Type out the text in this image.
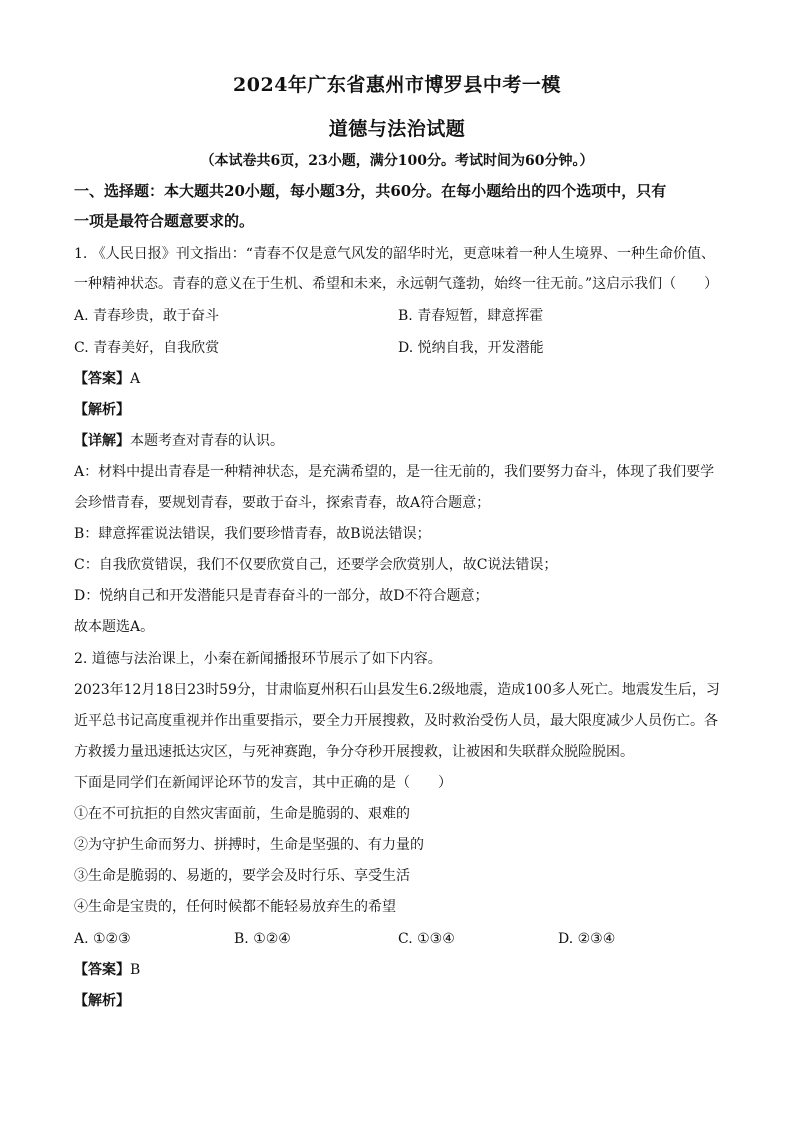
2024年广东省惠州市博罗县中考一模
道德与法治试题
（本试卷共6页，23小题，满分100分。考试时间为60分钟。）
一、选择题：本大题共20小题，每小题3分，共60分。在每小题给出的四个选项中，只有
一项是最符合题意要求的。
1. 《人民日报》刊文指出：“青春不仅是意气风发的韶华时光，更意味着一种人生境界、一种生命价值、
一种精神状态。青春的意义在于生机、希望和未来，永远朝气蓬勃，始终一往无前。”这启示我们（　　）
A. 青春珍贵，敢于奋斗	B. 青春短暂，肆意挥霍
C. 青春美好，自我欣赏	D. 悦纳自我，开发潜能
【答案】A
【解析】
【详解】本题考查对青春的认识。
A：材料中提出青春是一种精神状态，是充满希望的，是一往无前的，我们要努力奋斗，体现了我们要学
会珍惜青春，要规划青春，要敢于奋斗，探索青春，故A符合题意；
B：肆意挥霍说法错误，我们要珍惜青春，故B说法错误；
C：自我欣赏错误，我们不仅要欣赏自己，还要学会欣赏别人，故C说法错误；
D：悦纳自己和开发潜能只是青春奋斗的一部分，故D不符合题意；
故本题选A。
2. 道德与法治课上，小秦在新闻播报环节展示了如下内容。
2023年12月18日23时59分，甘肃临夏州积石山县发生6.2级地震，造成100多人死亡。地震发生后，习
近平总书记高度重视并作出重要指示，要全力开展搜救，及时救治受伤人员，最大限度减少人员伤亡。各
方救援力量迅速抵达灾区，与死神赛跑，争分夺秒开展搜救，让被困和失联群众脱险脱困。
下面是同学们在新闻评论环节的发言，其中正确的是（　　）
①在不可抗拒的自然灾害面前，生命是脆弱的、艰难的
②为守护生命而努力、拼搏时，生命是坚强的、有力量的
③生命是脆弱的、易逝的，要学会及时行乐、享受生活
④生命是宝贵的，任何时候都不能轻易放弃生的希望
A. ①②③	B. ①②④	C. ①③④	D. ②③④
【答案】B
【解析】
